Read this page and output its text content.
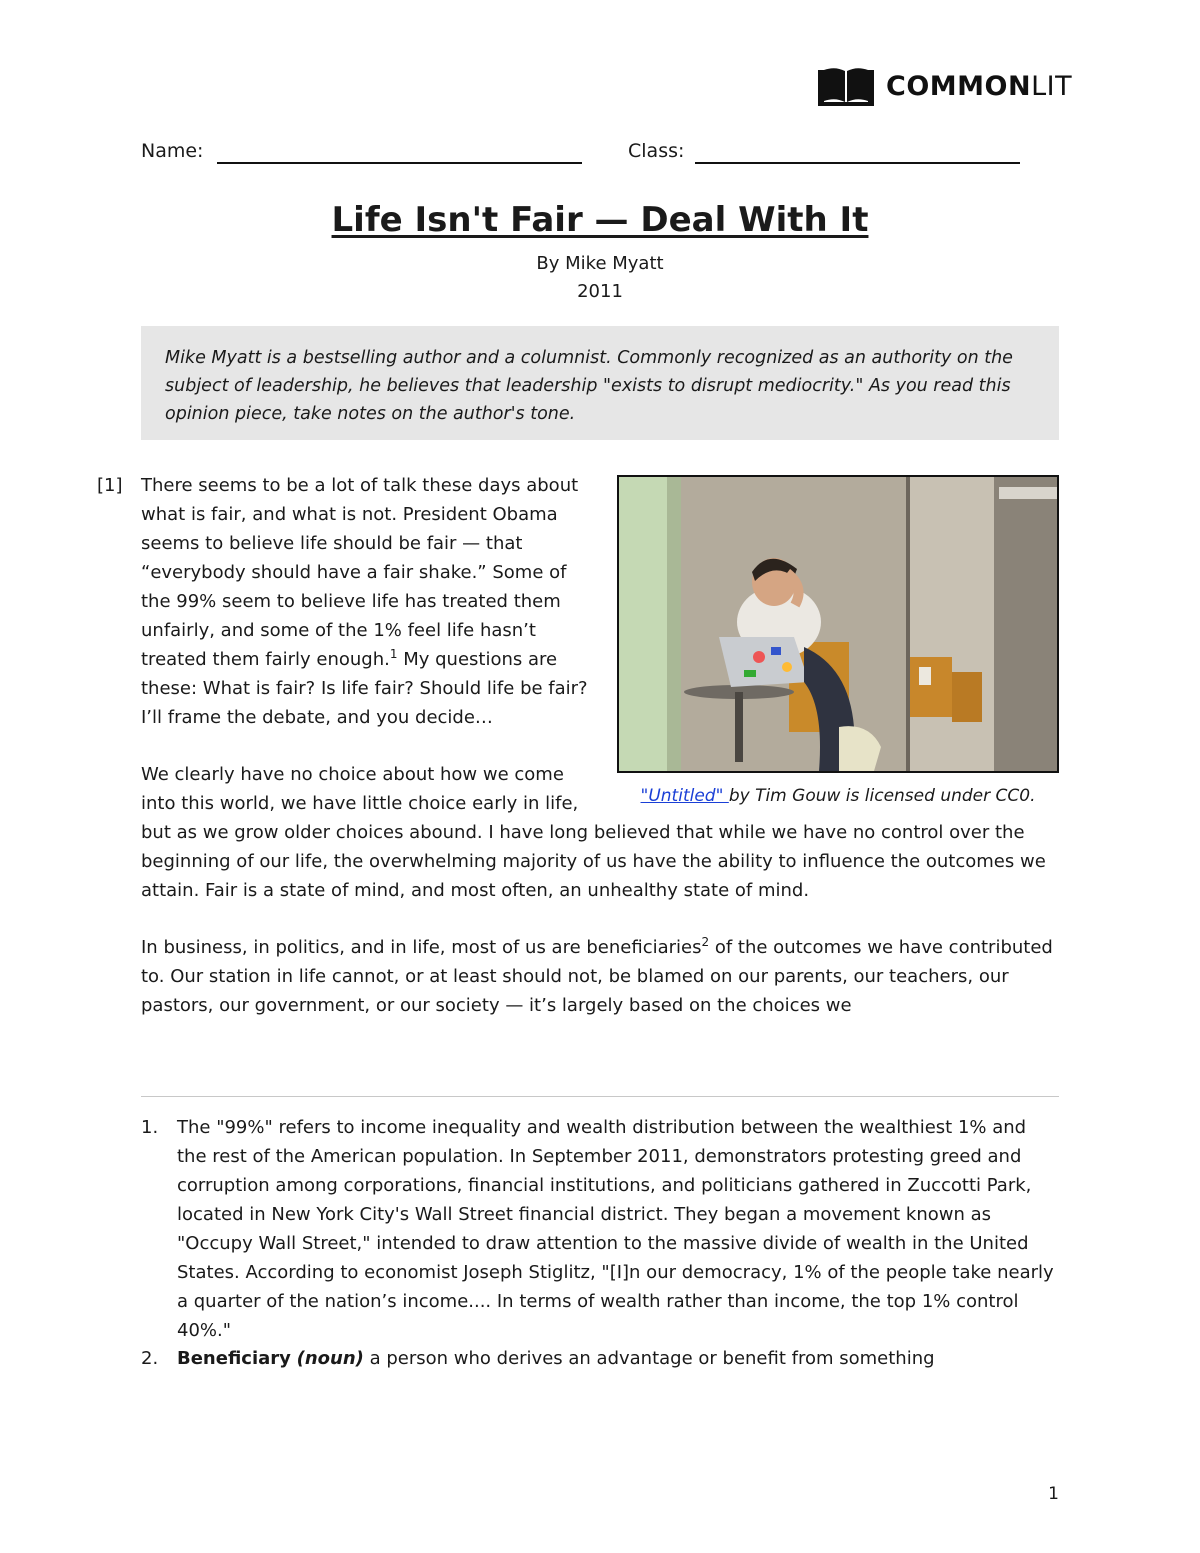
COMMONLIT
Name:	Class:
Life Isn't Fair — Deal With It
By Mike Myatt
2011

Mike Myatt is a bestselling author and a columnist. Commonly recognized as an authority on the subject of leadership, he believes that leadership "exists to disrupt mediocrity." As you read this opinion piece, take notes on the author's tone.

[1]
"Untitled" by Tim Gouw is licensed under CC0.

There seems to be a lot of talk these days about what is fair, and what is not. President Obama seems to believe life should be fair — that “everybody should have a fair shake.” Some of the 99% seem to believe life has treated them unfairly, and some of the 1% feel life hasn’t treated them fairly enough.$^1$ My questions are these: What is fair? Is life fair? Should life be fair? I’ll frame the debate, and you decide…

We clearly have no choice about how we come into this world, we have little choice early in life, but as we grow older choices abound. I have long believed that while we have no control over the beginning of our life, the overwhelming majority of us have the ability to influence the outcomes we attain. Fair is a state of mind, and most often, an unhealthy state of mind.

In business, in politics, and in life, most of us are beneficiaries$^2$ of the outcomes we have contributed to. Our station in life cannot, or at least should not, be blamed on our parents, our teachers, our pastors, our government, or our society — it’s largely based on the choices we

1. The "99%" refers to income inequality and wealth distribution between the wealthiest 1% and the rest of the American population. In September 2011, demonstrators protesting greed and corruption among corporations, financial institutions, and politicians gathered in Zuccotti Park, located in New York City's Wall Street financial district. They began a movement known as "Occupy Wall Street," intended to draw attention to the massive divide of wealth in the United States. According to economist Joseph Stiglitz, "[I]n our democracy, 1% of the people take nearly a quarter of the nation’s income.... In terms of wealth rather than income, the top 1% control 40%."
2. Beneficiary (noun) a person who derives an advantage or benefit from something
1
